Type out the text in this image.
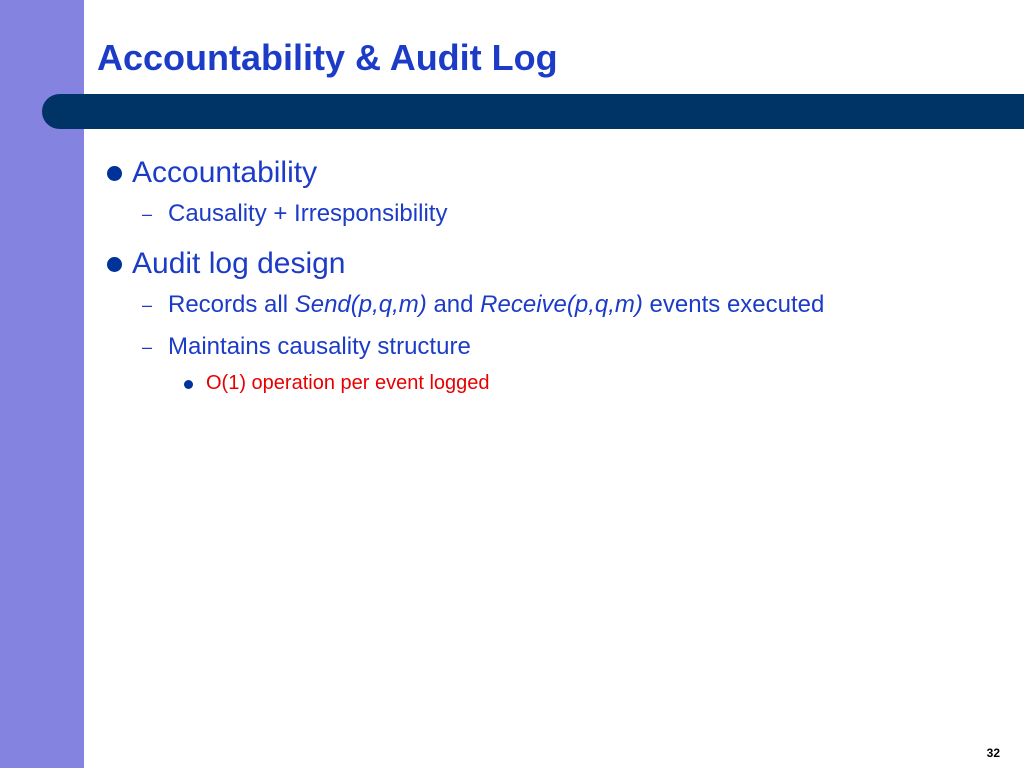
Accountability & Audit Log
Accountability
– Causality + Irresponsibility
Audit log design
– Records all Send(p,q,m) and Receive(p,q,m) events executed
– Maintains causality structure
O(1) operation per event logged
32
